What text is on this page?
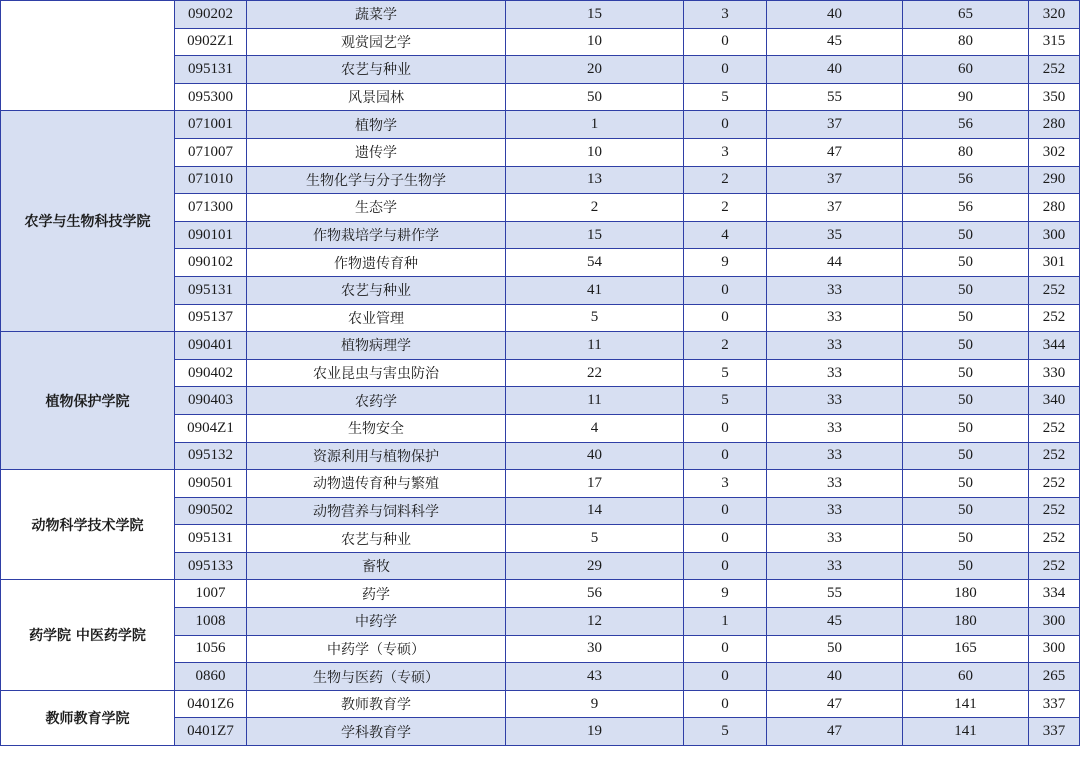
	090202	蔬菜学	15	3	40	65	320
	0902Z1	观赏园艺学	10	0	45	80	315
	095131	农艺与种业	20	0	40	60	252
	095300	风景园林	50	5	55	90	350
农学与生物科技学院	071001	植物学	1	0	37	56	280
	071007	遗传学	10	3	47	80	302
	071010	生物化学与分子生物学	13	2	37	56	290
	071300	生态学	2	2	37	56	280
	090101	作物栽培学与耕作学	15	4	35	50	300
	090102	作物遗传育种	54	9	44	50	301
	095131	农艺与种业	41	0	33	50	252
	095137	农业管理	5	0	33	50	252
植物保护学院	090401	植物病理学	11	2	33	50	344
	090402	农业昆虫与害虫防治	22	5	33	50	330
	090403	农药学	11	5	33	50	340
	0904Z1	生物安全	4	0	33	50	252
	095132	资源利用与植物保护	40	0	33	50	252
动物科学技术学院	090501	动物遗传育种与繁殖	17	3	33	50	252
	090502	动物营养与饲料科学	14	0	33	50	252
	095131	农艺与种业	5	0	33	50	252
	095133	畜牧	29	0	33	50	252
药学院 中医药学院	1007	药学	56	9	55	180	334
	1008	中药学	12	1	45	180	300
	1056	中药学（专硕）	30	0	50	165	300
	0860	生物与医药（专硕）	43	0	40	60	265
教师教育学院	0401Z6	教师教育学	9	0	47	141	337
	0401Z7	学科教育学	19	5	47	141	337
